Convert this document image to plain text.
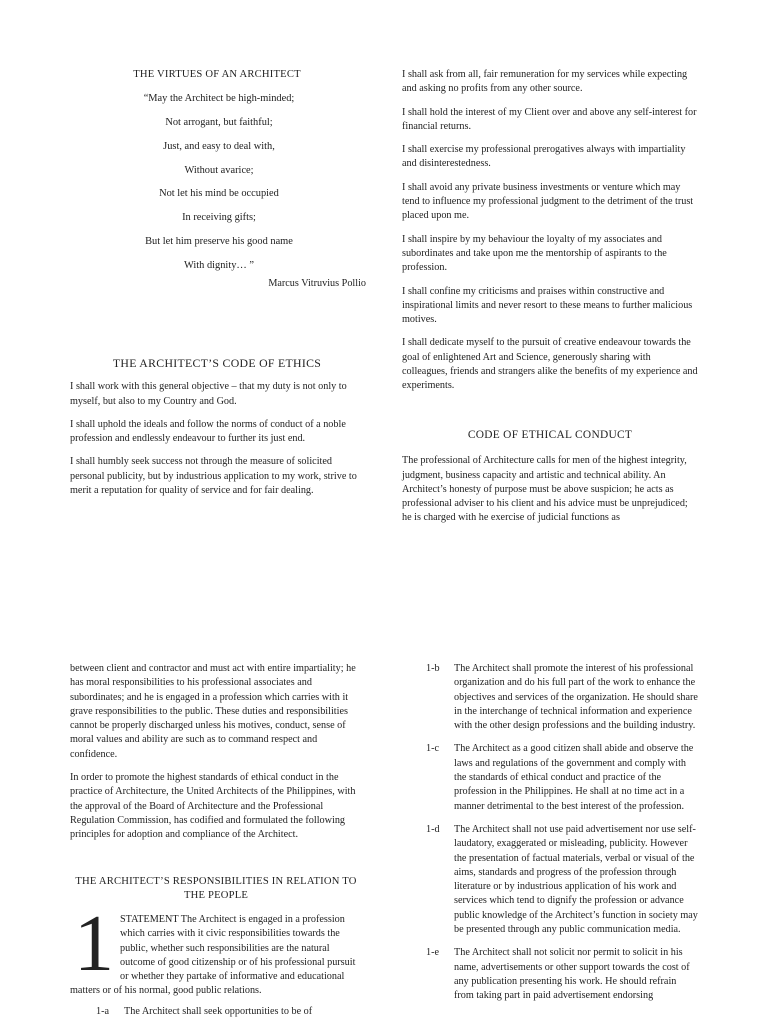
THE VIRTUES OF AN ARCHITECT

“May the Architect be high-minded;

Not arrogant, but faithful;

Just, and easy to deal with,

Without avarice;

Not let his mind be occupied

In receiving gifts;

But let him preserve his good name

With dignity… ”

Marcus Vitruvius Pollio

THE ARCHITECT’S CODE OF ETHICS

I shall work with this general objective – that my duty is not only to myself, but also to my Country and God.

I shall uphold the ideals and follow the norms of conduct of a noble profession and endlessly endeavour to further its just end.

I shall humbly seek success not through the measure of solicited personal publicity, but by industrious application to my work, strive to merit a reputation for quality of service and for fair dealing.

I shall ask from all, fair remuneration for my services while expecting and asking no profits from any other source.

I shall hold the interest of my Client over and above any self-interest for financial returns.

I shall exercise my professional prerogatives always with impartiality and disinterestedness.

I shall avoid any private business investments or venture which may tend to influence my professional judgment to the detriment of the trust placed upon me.

I shall inspire by my behaviour the loyalty of my associates and subordinates and take upon me the mentorship of aspirants to the profession.

I shall confine my criticisms and praises within constructive and inspirational limits and never resort to these means to further malicious motives.

I shall dedicate myself to the pursuit of creative endeavour towards the goal of enlightened Art and Science, generously sharing with colleagues, friends and strangers alike the benefits of my experience and experiments.

CODE OF ETHICAL CONDUCT

The professional of Architecture calls for men of the highest integrity, judgment, business capacity and artistic and technical ability. An Architect’s honesty of purpose must be above suspicion; he acts as professional adviser to his client and his advice must be unprejudiced; he is charged with he exercise of judicial functions as

between client and contractor and must act with entire impartiality; he has moral responsibilities to his professional associates and subordinates; and he is engaged in a profession which carries with it grave responsibilities to the public. These duties and responsibilities cannot be properly discharged unless his motives, conduct, sense of moral values and ability are such as to command respect and confidence.

In order to promote the highest standards of ethical conduct in the practice of Architecture, the United Architects of the Philippines, with the approval of the Board of Architecture and the Professional Regulation Commission, has codified and formulated the following principles for adoption and compliance of the Architect.

THE ARCHITECT’S RESPONSIBILITIES IN RELATION TO THE PEOPLE

1 STATEMENT The Architect is engaged in a profession which carries with it civic responsibilities towards the public, whether such responsibilities are the natural outcome of good citizenship or of his professional pursuit or whether they partake of informative and educational matters or of his normal, good public relations.

1-a	The Architect shall seek opportunities to be of
1-b	The Architect shall promote the interest of his professional organization and do his full part of the work to enhance the objectives and services of the organization. He should share in the interchange of technical information and experience with the other design professions and the building industry.
1-c	The Architect as a good citizen shall abide and observe the laws and regulations of the government and comply with the standards of ethical conduct and practice of the profession in the Philippines. He shall at no time act in a manner detrimental to the best interest of the profession.
1-d	The Architect shall not use paid advertisement nor use self-laudatory, exaggerated or misleading, publicity. However the presentation of factual materials, verbal or visual of the aims, standards and progress of the profession through literature or by industrious application of his work and services which tend to dignify the profession or advance public knowledge of the Architect’s function in society may be presented through any public communication media.
1-e	The Architect shall not solicit nor permit to solicit in his name, advertisements or other support towards the cost of any publication presenting his work. He should refrain from taking part in paid advertisement endorsing
